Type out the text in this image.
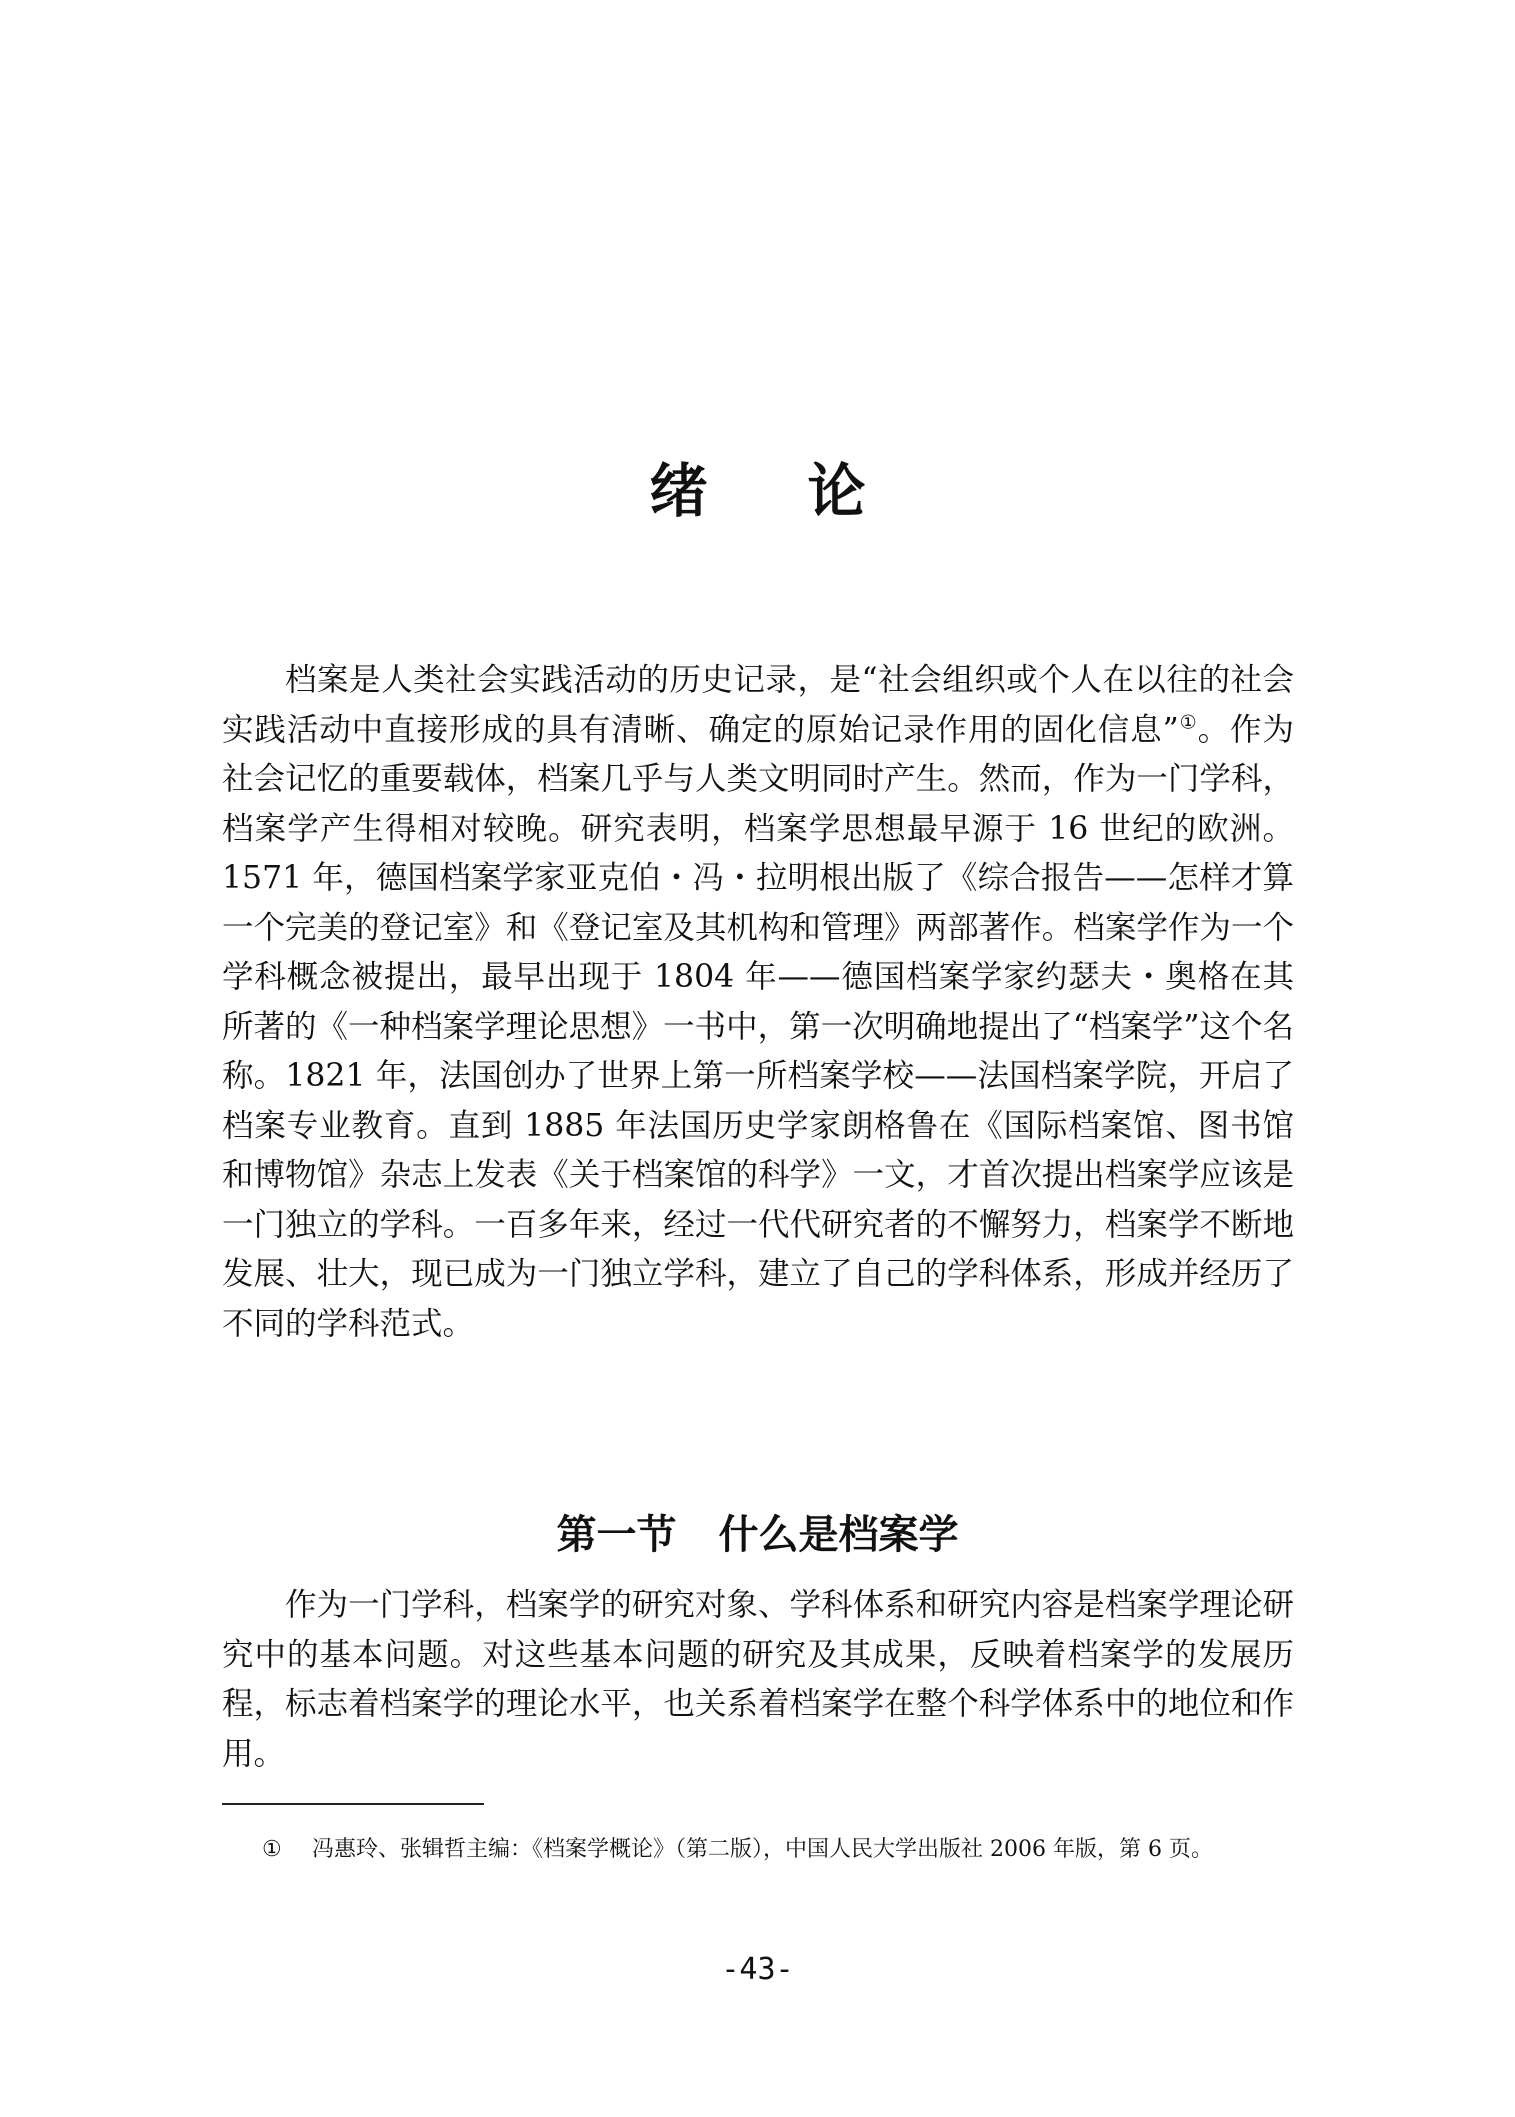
绪论

档案是人类社会实践活动的历史记录，是“社会组织或个人在以往的社会实践活动中直接形成的具有清晰、确定的原始记录作用的固化信息”①。作为社会记忆的重要载体，档案几乎与人类文明同时产生。然而，作为一门学科，档案学产生得相对较晚。研究表明，档案学思想最早源于 16 世纪的欧洲。1571 年，德国档案学家亚克伯・冯・拉明根出版了《综合报告——怎样才算一个完美的登记室》和《登记室及其机构和管理》两部著作。档案学作为一个学科概念被提出，最早出现于 1804 年——德国档案学家约瑟夫・奥格在其所著的《一种档案学理论思想》一书中，第一次明确地提出了“档案学”这个名称。1821 年，法国创办了世界上第一所档案学校——法国档案学院，开启了档案专业教育。直到 1885 年法国历史学家朗格鲁在《国际档案馆、图书馆和博物馆》杂志上发表《关于档案馆的科学》一文，才首次提出档案学应该是一门独立的学科。一百多年来，经过一代代研究者的不懈努力，档案学不断地发展、壮大，现已成为一门独立学科，建立了自己的学科体系，形成并经历了不同的学科范式。

第一节 什么是档案学

作为一门学科，档案学的研究对象、学科体系和研究内容是档案学理论研究中的基本问题。对这些基本问题的研究及其成果，反映着档案学的发展历程，标志着档案学的理论水平，也关系着档案学在整个科学体系中的地位和作用。

① 冯惠玲、张辑哲主编：《档案学概论》（第二版），中国人民大学出版社 2006 年版，第 6 页。
-43-
